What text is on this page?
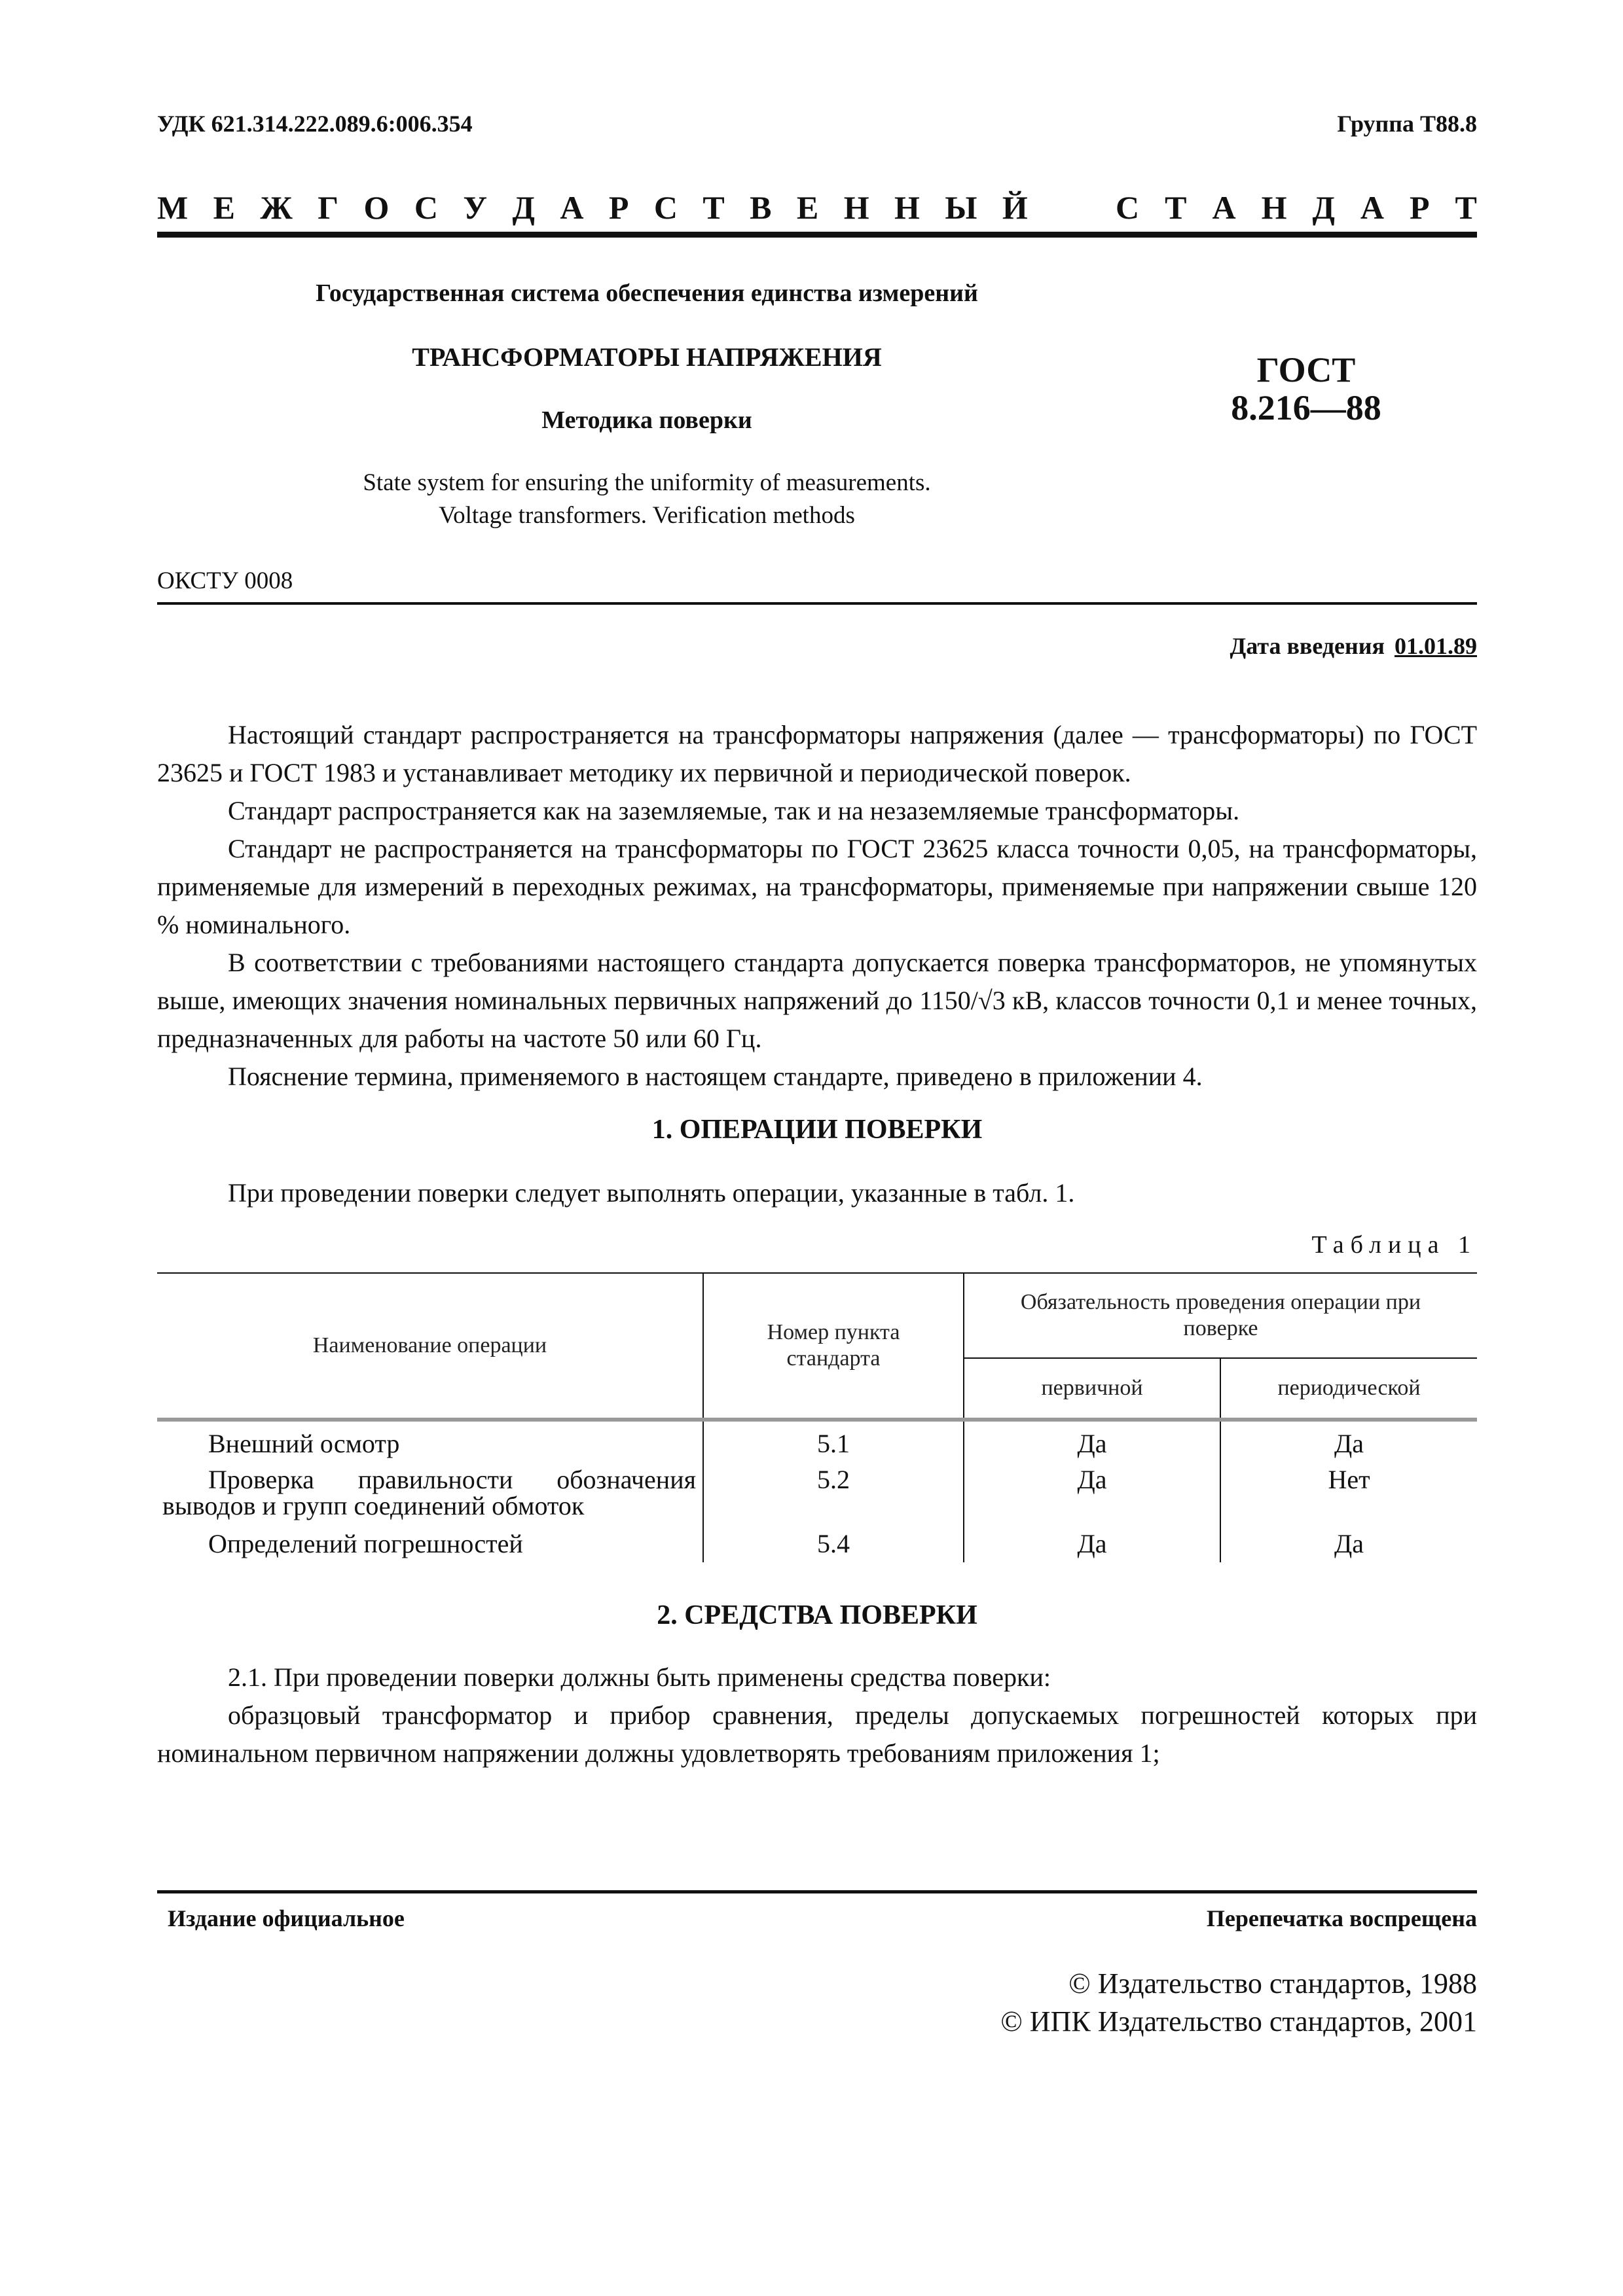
УДК 621.314.222.089.6:006.354	Группа Т88.8
М Е Ж Г О С У Д А Р С Т В Е Н Н Ы Й	С Т А Н Д А Р Т
Государственная система обеспечения единства измерений
ТРАНСФОРМАТОРЫ НАПРЯЖЕНИЯ
Методика поверки
State system for ensuring the uniformity of measurements.
Voltage transformers. Verification methods
ГОСТ
8.216—88
ОКСТУ 0008
Дата введения 01.01.89

Настоящий стандарт распространяется на трансформаторы напряжения (далее — трансформаторы) по ГОСТ 23625 и ГОСТ 1983 и устанавливает методику их первичной и периодической поверок.

Стандарт распространяется как на заземляемые, так и на незаземляемые трансформаторы.

Стандарт не распространяется на трансформаторы по ГОСТ 23625 класса точности 0,05, на трансформаторы, применяемые для измерений в переходных режимах, на трансформаторы, применяемые при напряжении свыше 120 % номинального.

В соответствии с требованиями настоящего стандарта допускается поверка трансформаторов, не упомянутых выше, имеющих значения номинальных первичных напряжений до 1150/√3 кВ, классов точности 0,1 и менее точных, предназначенных для работы на частоте 50 или 60 Гц.

Пояснение термина, применяемого в настоящем стандарте, приведено в приложении 4.

1. ОПЕРАЦИИ ПОВЕРКИ
При проведении поверки следует выполнять операции, указанные в табл. 1.
Таблица 1
Наименование операции	Номер пункта стандарта	Обязательность проведения операции при поверке	
		первичной	периодической
Внешний осмотр	5.1	Да	Да
Проверка правильности обозначения выводов и групп соединений обмоток	5.2	Да	Нет
Определений погрешностей	5.4	Да	Да
2. СРЕДСТВА ПОВЕРКИ

2.1. При проведении поверки должны быть применены средства поверки:

образцовый трансформатор и прибор сравнения, пределы допускаемых погрешностей которых при номинальном первичном напряжении должны удовлетворять требованиям приложения 1;

Издание официальное	Перепечатка воспрещена
© Издательство стандартов, 1988
© ИПК Издательство стандартов, 2001
